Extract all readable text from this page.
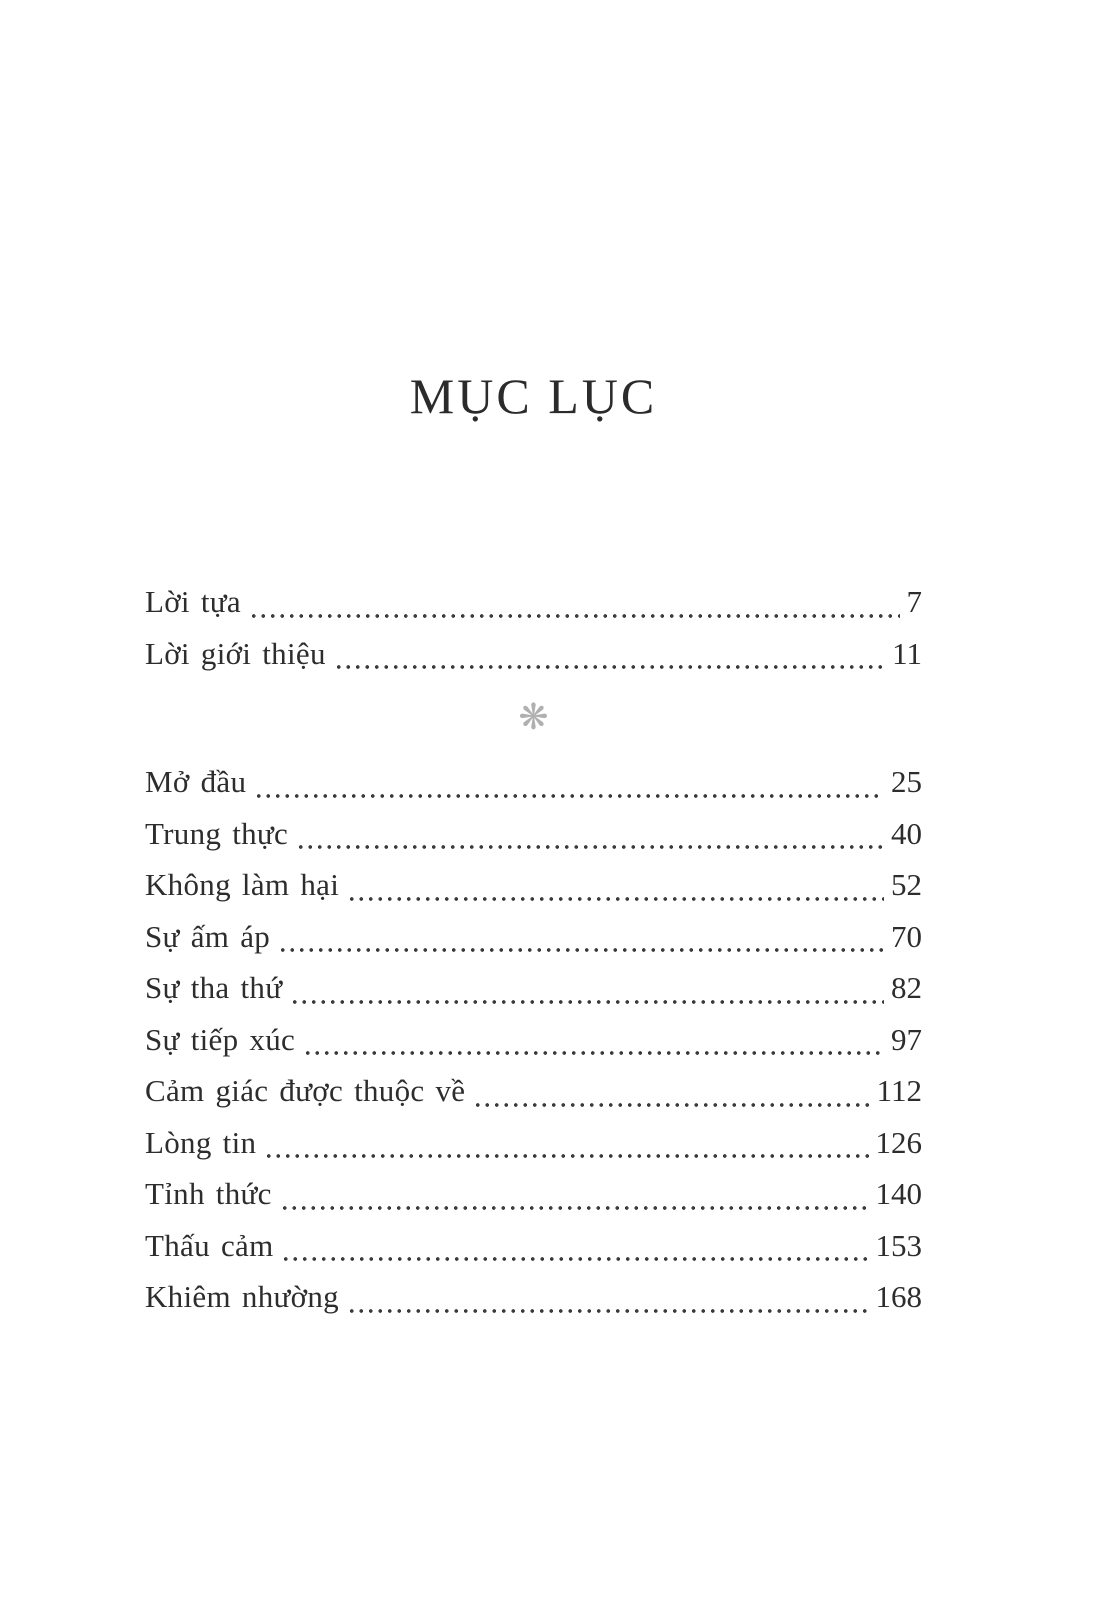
MỤC LỤC
Lời tựa	7
Lời giới thiệu	11
❋
Mở đầu	25
Trung thực	40
Không làm hại	52
Sự ấm áp	70
Sự tha thứ	82
Sự tiếp xúc	97
Cảm giác được thuộc về	112
Lòng tin	126
Tỉnh thức	140
Thấu cảm	153
Khiêm nhường	168
